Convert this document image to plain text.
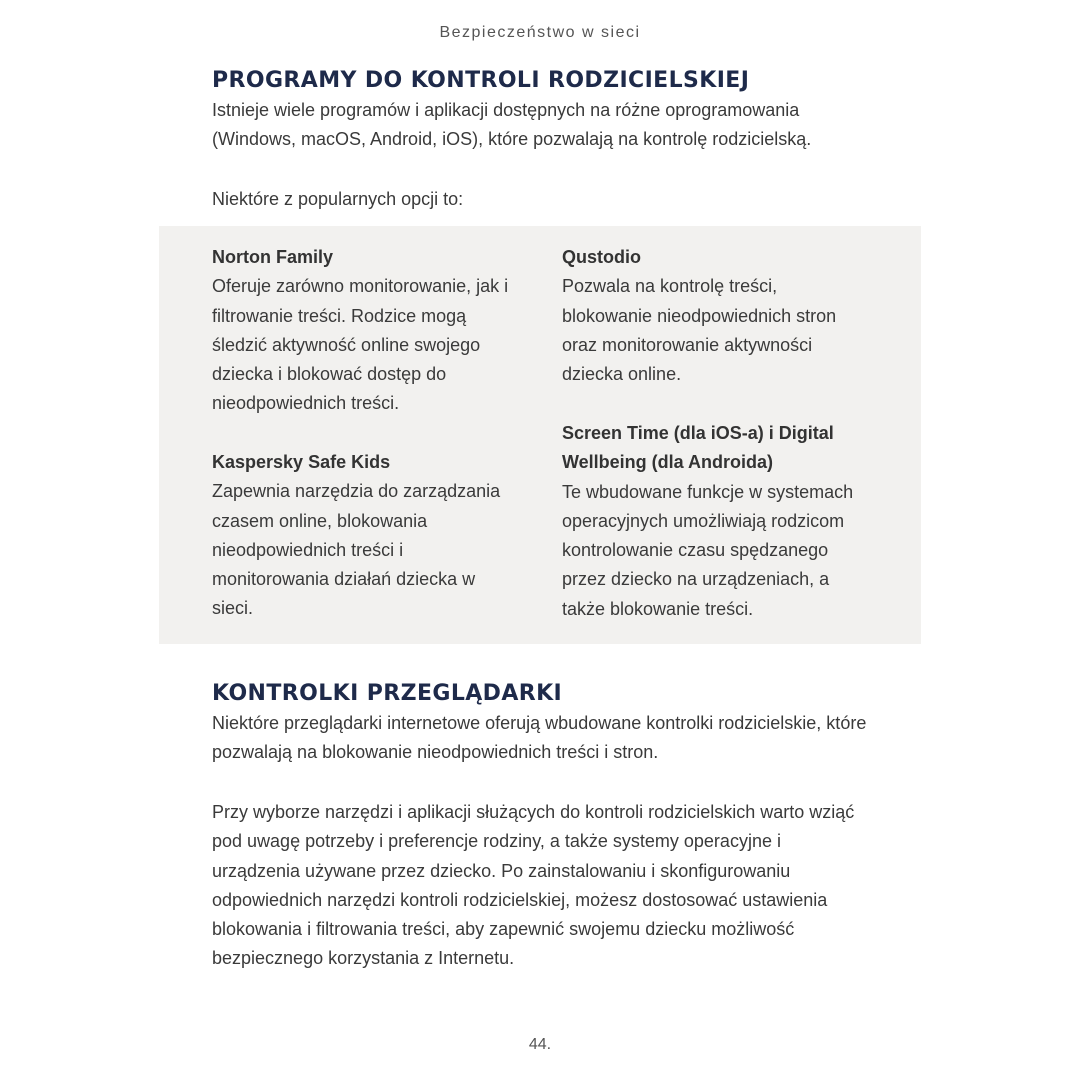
Bezpieczeństwo w sieci
PROGRAMY DO KONTROLI RODZICIELSKIEJ

Istnieje wiele programów i aplikacji dostępnych na różne oprogramowania (Windows, macOS, Android, iOS), które pozwalają na kontrolę rodzicielską.

Niektóre z popularnych opcji to:

Norton Family

Oferuje zarówno monitorowanie, jak i filtrowanie treści. Rodzice mogą śledzić aktywność online swojego dziecka i blokować dostęp do nieodpowiednich treści.

Kaspersky Safe Kids

Zapewnia narzędzia do zarządzania czasem online, blokowania nieodpowiednich treści i monitorowania działań dziecka w sieci.

Qustodio

Pozwala na kontrolę treści, blokowanie nieodpowiednich stron oraz monitorowanie aktywności dziecka online.

Screen Time (dla iOS-a) i Digital Wellbeing (dla Androida)

Te wbudowane funkcje w systemach operacyjnych umożliwiają rodzicom kontrolowanie czasu spędzanego przez dziecko na urządzeniach, a także blokowanie treści.

KONTROLKI PRZEGLĄDARKI

Niektóre przeglądarki internetowe oferują wbudowane kontrolki rodzicielskie, które pozwalają na blokowanie nieodpowiednich treści i stron.

Przy wyborze narzędzi i aplikacji służących do kontroli rodzicielskich warto wziąć pod uwagę potrzeby i preferencje rodziny, a także systemy operacyjne i urządzenia używane przez dziecko. Po zainstalowaniu i skonfigurowaniu odpowiednich narzędzi kontroli rodzicielskiej, możesz dostosować ustawienia blokowania i filtrowania treści, aby zapewnić swojemu dziecku możliwość bezpiecznego korzystania z Internetu.

44.
